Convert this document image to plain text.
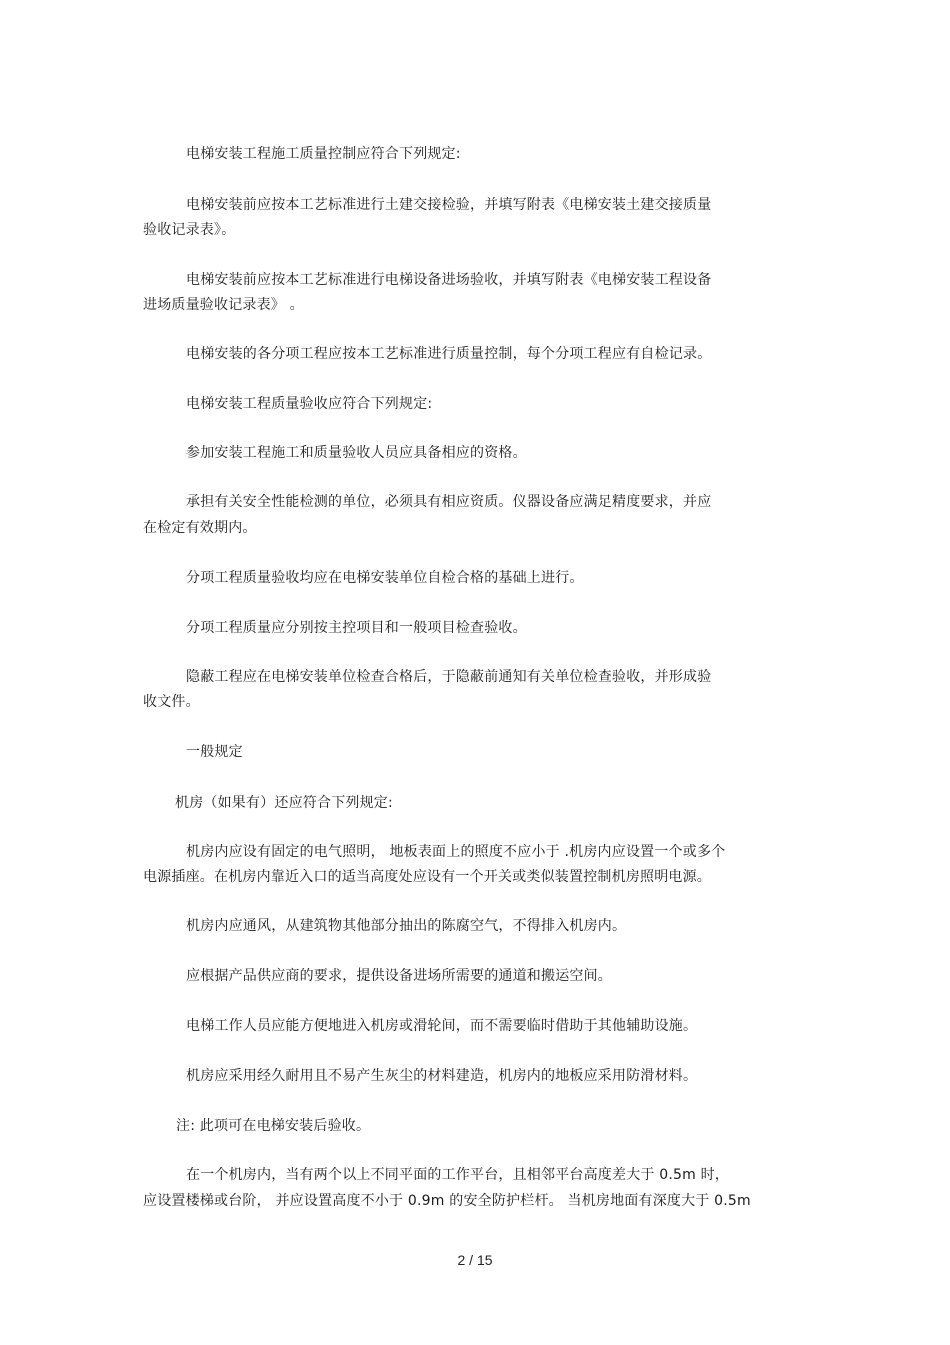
电梯安装工程施工质量控制应符合下列规定:
电梯安装前应按本工艺标准进行土建交接检验，并填写附表《电梯安装土建交接质量
验收记录表》。
电梯安装前应按本工艺标准进行电梯设备进场验收，并填写附表《电梯安装工程设备
进场质量验收记录表》 。
电梯安装的各分项工程应按本工艺标准进行质量控制，每个分项工程应有自检记录。
电梯安装工程质量验收应符合下列规定:
参加安装工程施工和质量验收人员应具备相应的资格。
承担有关安全性能检测的单位，必须具有相应资质。仪器设备应满足精度要求，并应
在检定有效期内。
分项工程质量验收均应在电梯安装单位自检合格的基础上进行。
分项工程质量应分别按主控项目和一般项目检查验收。
隐蔽工程应在电梯安装单位检查合格后，于隐蔽前通知有关单位检查验收，并形成验
收文件。
一般规定
机房（如果有）还应符合下列规定:
机房内应设有固定的电气照明， 地板表面上的照度不应小于 .机房内应设置一个或多个
电源插座。在机房内靠近入口的适当高度处应设有一个开关或类似装置控制机房照明电源。
机房内应通风，从建筑物其他部分抽出的陈腐空气，不得排入机房内。
应根据产品供应商的要求，提供设备进场所需要的通道和搬运空间。
电梯工作人员应能方便地进入机房或滑轮间，而不需要临时借助于其他辅助设施。
机房应采用经久耐用且不易产生灰尘的材料建造，机房内的地板应采用防滑材料。
注: 此项可在电梯安装后验收。
在一个机房内，当有两个以上不同平面的工作平台，且相邻平台高度差大于 0.5m 时，
应设置楼梯或台阶， 并应设置高度不小于 0.9m 的安全防护栏杆。 当机房地面有深度大于 0.5m
2 / 15
